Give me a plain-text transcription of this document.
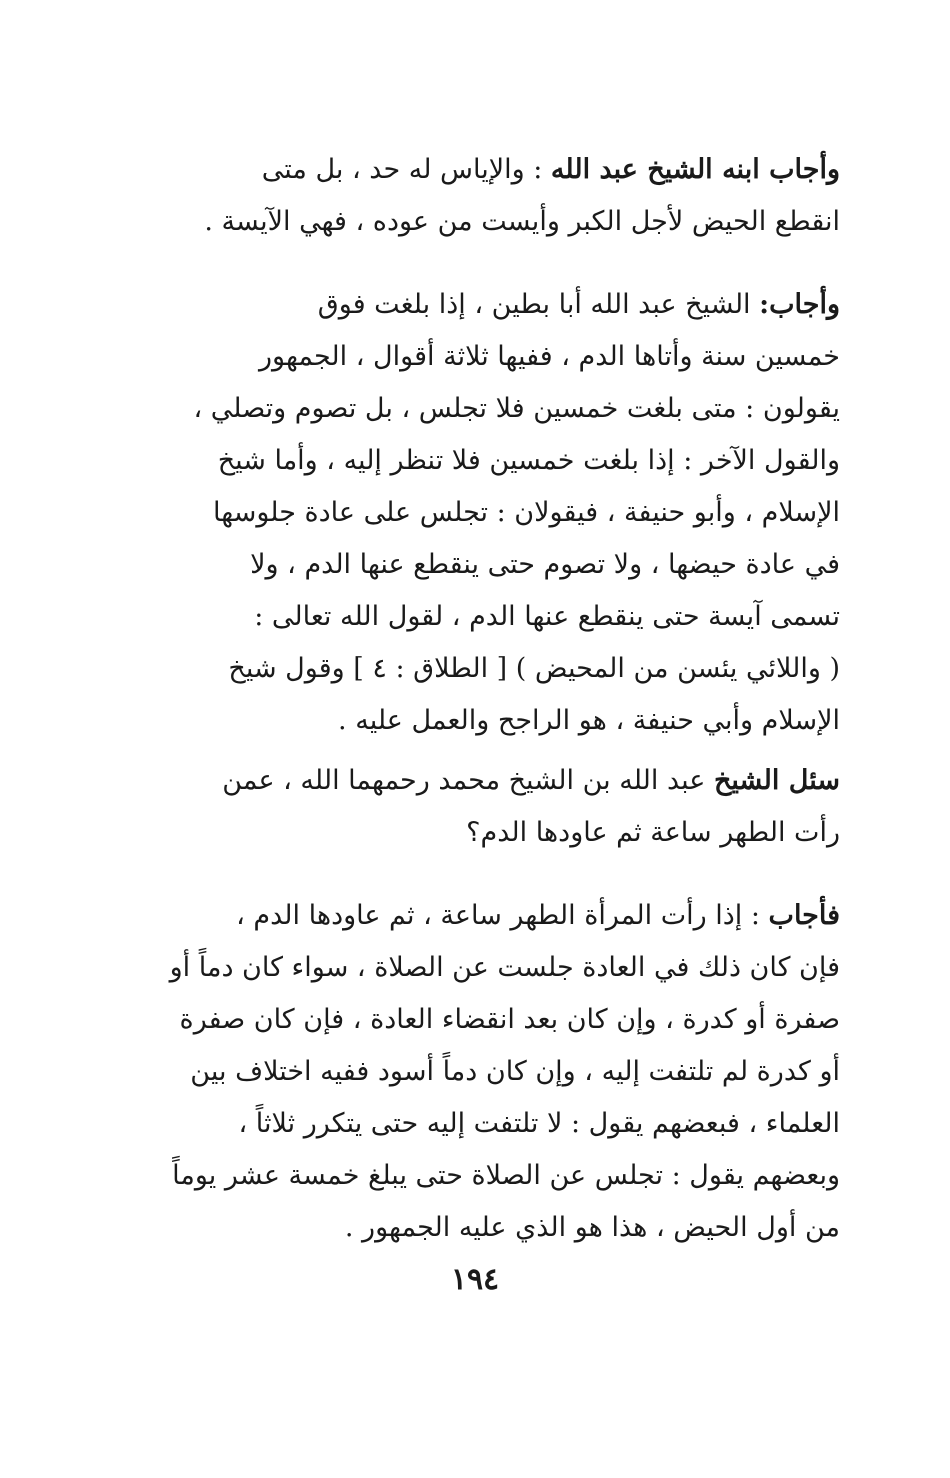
وأجاب ابنه الشيخ عبد الله : والإياس له حد ، بل متى
انقطع الحيض لأجل الكبر وأيست من عوده ، فهي الآيسة .

وأجاب: الشيخ عبد الله أبا بطين ، إذا بلغت فوق
خمسين سنة وأتاها الدم ، ففيها ثلاثة أقوال ، الجمهور
يقولون : متى بلغت خمسين فلا تجلس ، بل تصوم وتصلي ،
والقول الآخر : إذا بلغت خمسين فلا تنظر إليه ، وأما شيخ
الإسلام ، وأبو حنيفة ، فيقولان : تجلس على عادة جلوسها
في عادة حيضها ، ولا تصوم حتى ينقطع عنها الدم ، ولا
تسمى آيسة حتى ينقطع عنها الدم ، لقول الله تعالى :
( واللائي يئسن من المحيض ) [ الطلاق : ٤ ] وقول شيخ
الإسلام وأبي حنيفة ، هو الراجح والعمل عليه .

سئل الشيخ عبد الله بن الشيخ محمد رحمهما الله ، عمن
رأت الطهر ساعة ثم عاودها الدم؟

فأجاب : إذا رأت المرأة الطهر ساعة ، ثم عاودها الدم ،
فإن كان ذلك في العادة جلست عن الصلاة ، سواء كان دماً أو
صفرة أو كدرة ، وإن كان بعد انقضاء العادة ، فإن كان صفرة
أو كدرة لم تلتفت إليه ، وإن كان دماً أسود ففيه اختلاف بين
العلماء ، فبعضهم يقول : لا تلتفت إليه حتى يتكرر ثلاثاً ،
وبعضهم يقول : تجلس عن الصلاة حتى يبلغ خمسة عشر يوماً
من أول الحيض ، هذا هو الذي عليه الجمهور .

١٩٤
